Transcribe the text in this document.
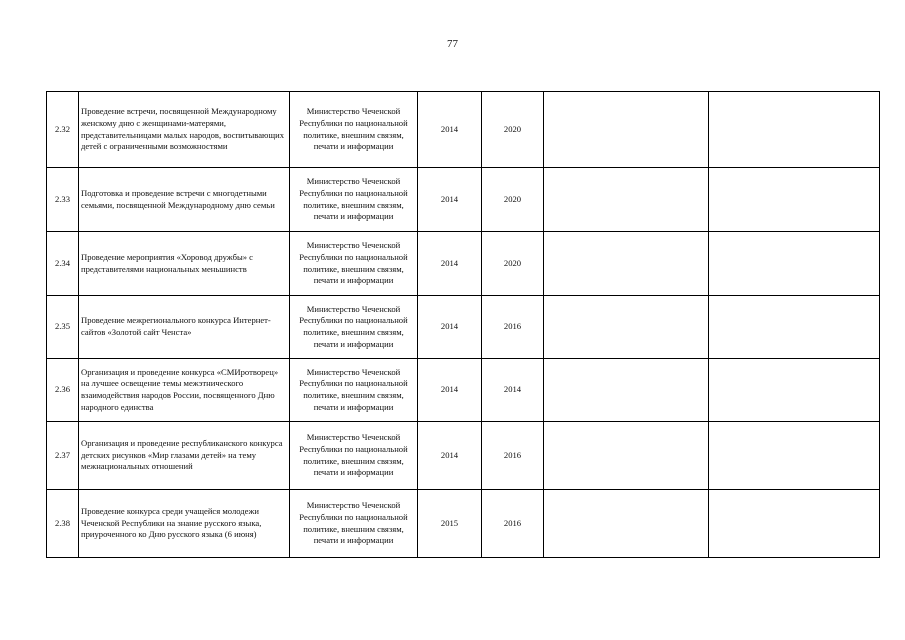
77
2.32	Проведение встречи, посвященной Международному женскому дню с женщинами-матерями, представительницами малых народов, воспитывающих детей с ограниченными возможностями	Министерство Чеченской Республики по национальной политике, внешним связям, печати и информации	2014	2020		
2.33	Подготовка и проведение встречи с многодетными семьями, посвященной Международному дню семьи	Министерство Чеченской Республики по национальной политике, внешним связям, печати и информации	2014	2020		
2.34	Проведение мероприятия «Хоровод дружбы» с представителями национальных меньшинств	Министерство Чеченской Республики по национальной политике, внешним связям, печати и информации	2014	2020		
2.35	Проведение межрегионального конкурса Интернет-сайтов «Золотой сайт Ченста»	Министерство Чеченской Республики по национальной политике, внешним связям, печати и информации	2014	2016		
2.36	Организация и проведение конкурса «СМИротворец» на лучшее освещение темы межэтнического взаимодействия народов России, посвященного Дню народного единства	Министерство Чеченской Республики по национальной политике, внешним связям, печати и информации	2014	2014		
2.37	Организация и проведение республиканского конкурса детских рисунков «Мир глазами детей» на тему межнациональных отношений	Министерство Чеченской Республики по национальной политике, внешним связям, печати и информации	2014	2016		
2.38	Проведение конкурса среди учащейся молодежи Чеченской Республики на знание русского языка, приуроченного ко Дню русского языка (6 июня)	Министерство Чеченской Республики по национальной политике, внешним связям, печати и информации	2015	2016		
